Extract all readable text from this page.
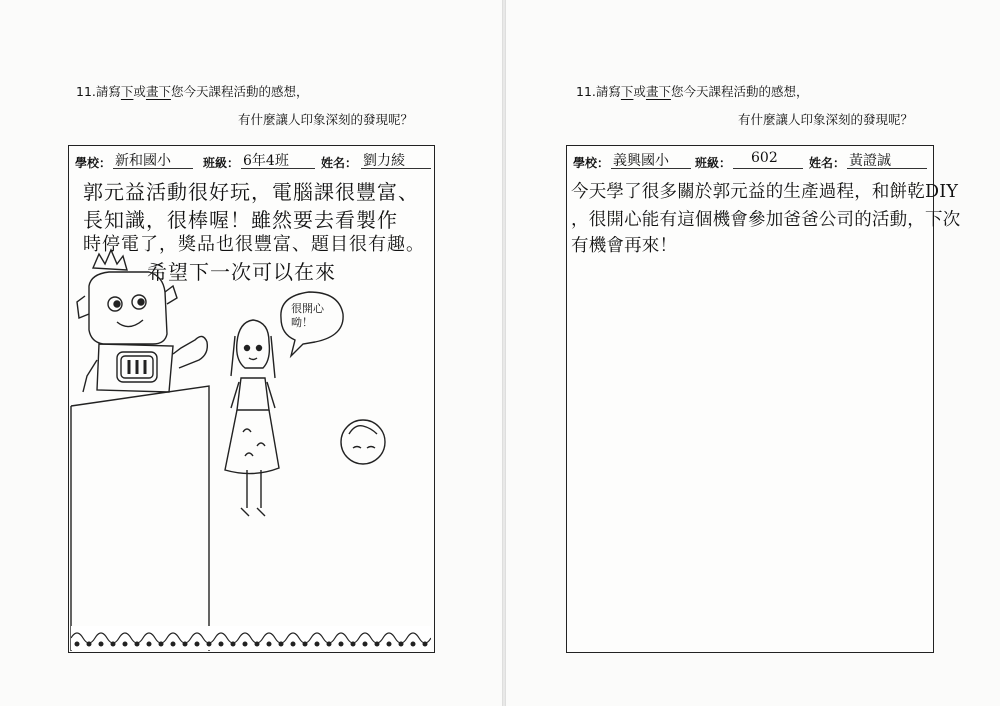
11.請寫下或畫下您今天課程活動的感想，
有什麼讓人印象深刻的發現呢？
學校： 新和國小	班級： 6年4班	姓名： 劉力綾
郭元益活動很好玩，電腦課很豐富、
長知識，很棒喔！雖然要去看製作
時停電了，獎品也很豐富、題目很有趣。
希望下一次可以在來
很開心呦！
11.請寫下或畫下您今天課程活動的感想，
有什麼讓人印象深刻的發現呢？
學校： 義興國小 班級： 602	姓名： 黃證誠
今天學了很多關於郭元益的生產過程，和餅乾DIY
，很開心能有這個機會參加爸爸公司的活動，下次
有機會再來！
